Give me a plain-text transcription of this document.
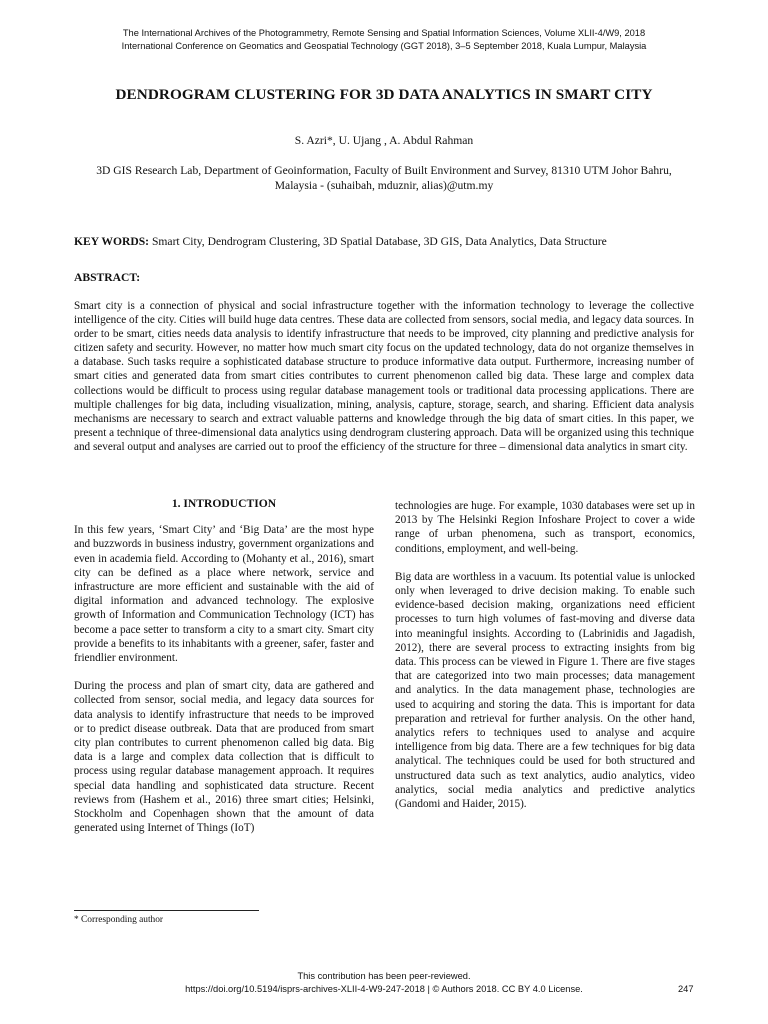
The International Archives of the Photogrammetry, Remote Sensing and Spatial Information Sciences, Volume XLII-4/W9, 2018
International Conference on Geomatics and Geospatial Technology (GGT 2018), 3–5 September 2018, Kuala Lumpur, Malaysia
DENDROGRAM CLUSTERING FOR 3D DATA ANALYTICS IN SMART CITY
S. Azri*, U. Ujang , A. Abdul Rahman
3D GIS Research Lab, Department of Geoinformation, Faculty of Built Environment and Survey, 81310 UTM Johor Bahru, Malaysia - (suhaibah, mduznir, alias)@utm.my
KEY WORDS: Smart City, Dendrogram Clustering, 3D Spatial Database, 3D GIS, Data Analytics, Data Structure
ABSTRACT:
Smart city is a connection of physical and social infrastructure together with the information technology to leverage the collective intelligence of the city. Cities will build huge data centres. These data are collected from sensors, social media, and legacy data sources. In order to be smart, cities needs data analysis to identify infrastructure that needs to be improved, city planning and predictive analysis for citizen safety and security. However, no matter how much smart city focus on the updated technology, data do not organize themselves in a database. Such tasks require a sophisticated database structure to produce informative data output. Furthermore, increasing number of smart cities and generated data from smart cities contributes to current phenomenon called big data. These large and complex data collections would be difficult to process using regular database management tools or traditional data processing applications. There are multiple challenges for big data, including visualization, mining, analysis, capture, storage, search, and sharing. Efficient data analysis mechanisms are necessary to search and extract valuable patterns and knowledge through the big data of smart cities. In this paper, we present a technique of three-dimensional data analytics using dendrogram clustering approach. Data will be organized using this technique and several output and analyses are carried out to proof the efficiency of the structure for three – dimensional data analytics in smart city.
1. INTRODUCTION

In this few years, ‘Smart City’ and ‘Big Data’ are the most hype and buzzwords in business industry, government organizations and even in academia field. According to (Mohanty et al., 2016), smart city can be defined as a place where network, service and infrastructure are more efficient and sustainable with the aid of digital information and advanced technology. The explosive growth of Information and Communication Technology (ICT) has become a pace setter to transform a city to a smart city. Smart city provide a benefits to its inhabitants with a greener, safer, faster and friendlier environment.

During the process and plan of smart city, data are gathered and collected from sensor, social media, and legacy data sources for data analysis to identify infrastructure that needs to be improved or to predict disease outbreak. Data that are produced from smart city plan contributes to current phenomenon called big data. Big data is a large and complex data collection that is difficult to process using regular database management approach. It requires special data handling and sophisticated data structure. Recent reviews from (Hashem et al., 2016) three smart cities; Helsinki, Stockholm and Copenhagen shown that the amount of data generated using Internet of Things (IoT)

technologies are huge. For example, 1030 databases were set up in 2013 by The Helsinki Region Infoshare Project to cover a wide range of urban phenomena, such as transport, economics, conditions, employment, and well-being.

Big data are worthless in a vacuum. Its potential value is unlocked only when leveraged to drive decision making. To enable such evidence-based decision making, organizations need efficient processes to turn high volumes of fast-moving and diverse data into meaningful insights. According to (Labrinidis and Jagadish, 2012), there are several process to extracting insights from big data. This process can be viewed in Figure 1. There are five stages that are categorized into two main processes; data management and analytics. In the data management phase, technologies are used to acquiring and storing the data. This is important for data preparation and retrieval for further analysis. On the other hand, analytics refers to techniques used to analyse and acquire intelligence from big data. There are a few techniques for big data analytical. The techniques could be used for both structured and unstructured data such as text analytics, audio analytics, video analytics, social media analytics and predictive analytics (Gandomi and Haider, 2015).

* Corresponding author
This contribution has been peer-reviewed.
https://doi.org/10.5194/isprs-archives-XLII-4-W9-247-2018 | © Authors 2018. CC BY 4.0 License.	247
